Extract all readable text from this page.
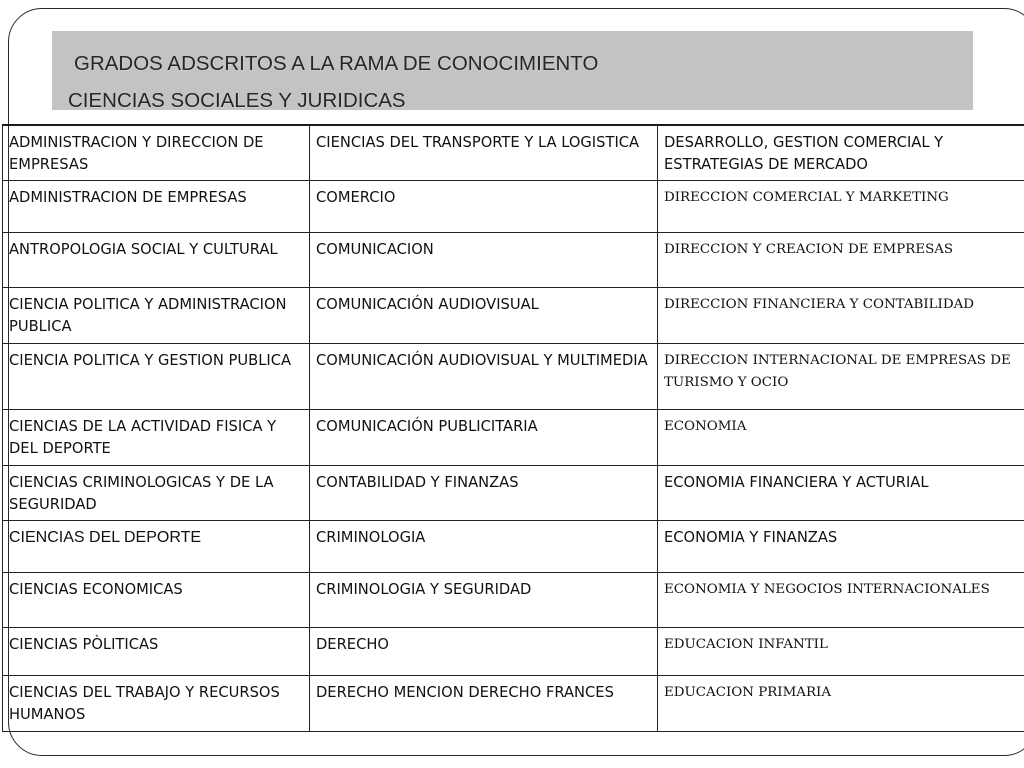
GRADOS ADSCRITOS A LA RAMA DE CONOCIMIENTO
CIENCIAS SOCIALES Y JURIDICAS
ADMINISTRACION Y DIRECCION DE EMPRESAS	CIENCIAS DEL TRANSPORTE Y LA LOGISTICA	DESARROLLO, GESTION COMERCIAL Y ESTRATEGIAS DE MERCADO
ADMINISTRACION DE EMPRESAS	COMERCIO	DIRECCION COMERCIAL Y MARKETING
ANTROPOLOGIA SOCIAL Y CULTURAL	COMUNICACION	DIRECCION Y CREACION DE EMPRESAS
CIENCIA POLITICA Y ADMINISTRACION PUBLICA	COMUNICACIÓN AUDIOVISUAL	DIRECCION FINANCIERA Y CONTABILIDAD
CIENCIA POLITICA Y GESTION PUBLICA	COMUNICACIÓN AUDIOVISUAL Y MULTIMEDIA	DIRECCION INTERNACIONAL DE EMPRESAS DE TURISMO Y OCIO
CIENCIAS DE LA ACTIVIDAD FISICA Y DEL DEPORTE	COMUNICACIÓN PUBLICITARIA	ECONOMIA
CIENCIAS CRIMINOLOGICAS Y DE LA SEGURIDAD	CONTABILIDAD Y FINANZAS	ECONOMIA FINANCIERA Y ACTURIAL
CIENCIAS DEL DEPORTE	CRIMINOLOGIA	ECONOMIA Y FINANZAS
CIENCIAS ECONOMICAS	CRIMINOLOGIA Y SEGURIDAD	ECONOMIA Y NEGOCIOS INTERNACIONALES
CIENCIAS PÒLITICAS	DERECHO	EDUCACION INFANTIL
CIENCIAS DEL TRABAJO Y RECURSOS HUMANOS	DERECHO MENCION DERECHO FRANCES	EDUCACION PRIMARIA
